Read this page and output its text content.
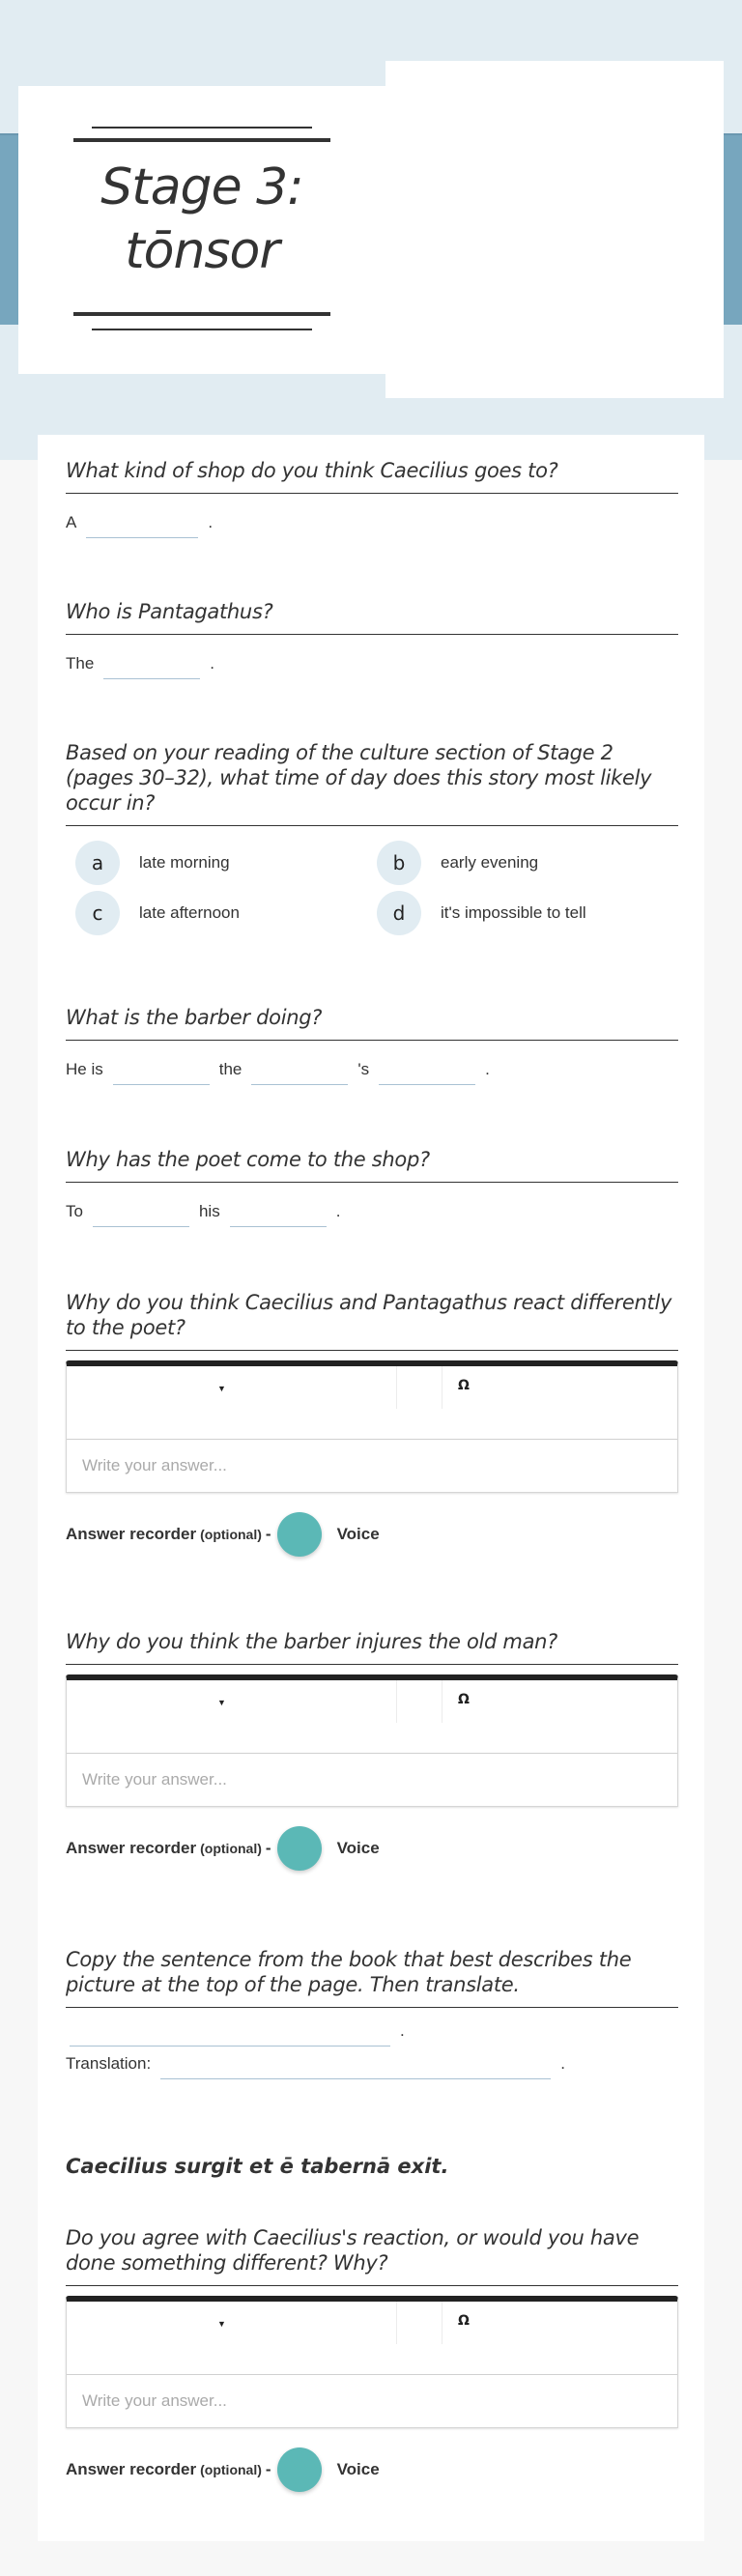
Stage 3:
tōnsor
What kind of shop do you think Caecilius goes to?
A	.
Who is Pantagathus?
The	.
Based on your reading of the culture section of Stage 2 (pages 30–32), what time of day does this story most likely occur in?
a	late morning	b	early evening
c	late afternoon	d	it's impossible to tell
What is the barber doing?
He is	the	's	.
Why has the poet come to the shop?
To	his	.
Why do you think Caecilius and Pantagathus react differently to the poet?
▼	Ω
Write your answer...
Answer recorder (optional) -	Voice
Why do you think the barber injures the old man?
▼	Ω
Write your answer...
Answer recorder (optional) -	Voice
Copy the sentence from the book that best describes the picture at the top of the page. Then translate.
.
Translation:	.
Caecilius surgit et ē tabernā exit.
Do you agree with Caecilius's reaction, or would you have done something different? Why?
▼	Ω
Write your answer...
Answer recorder (optional) -	Voice
